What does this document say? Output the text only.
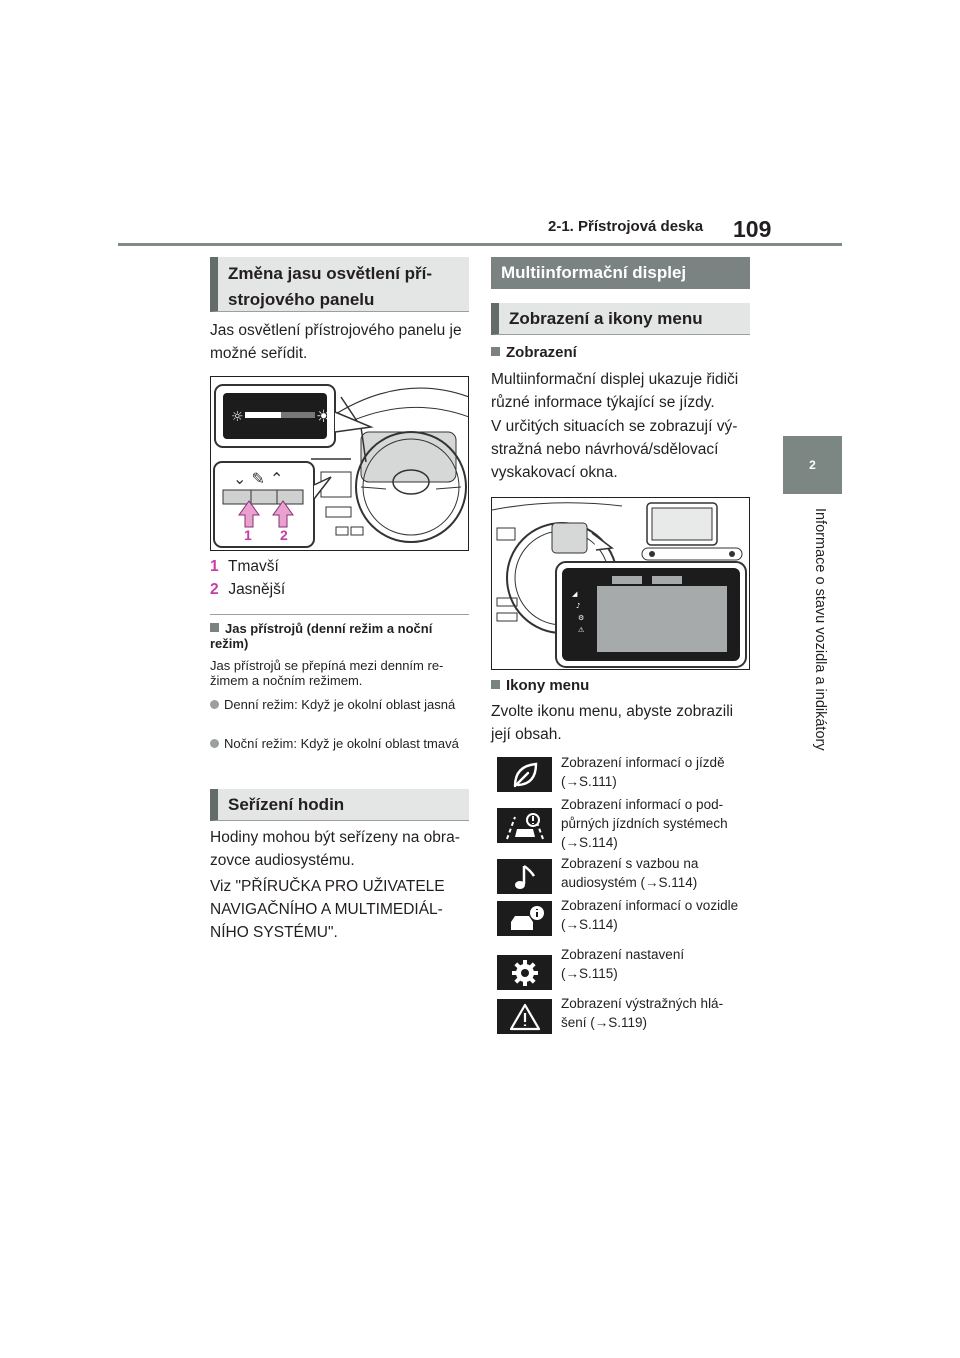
2-1. Přístrojová deska 109
2
Informace o stavu vozidla a indikátory
Změna jasu osvětlení pří-
strojového panelu
Jas osvětlení přístrojového panelu je možné seřídit.
☼	☀
⌄ ✎ ⌃
1 2
1 Tmavší
2 Jasnější
Jas přístrojů (denní režim a noční režim)
Jas přístrojů se přepíná mezi denním re-žimem a nočním režimem.
Denní režim: Když je okolní oblast jasná
Noční režim: Když je okolní oblast tmavá
Seřízení hodin
Hodiny mohou být seřízeny na obra-zovce audiosystému.
Viz "PŘÍRUČKA PRO UŽIVATELE NAVIGAČNÍHO A MULTIMEDIÁL-NÍHO SYSTÉMU".
Multiinformační displej
Zobrazení a ikony menu
Zobrazení
Multiinformační displej ukazuje řidiči různé informace týkající se jízdy.
V určitých situacích se zobrazují vý-stražná nebo návrhová/sdělovací vyskakovací okna.
◢
♪
⚙
⚠
Ikony menu
Zvolte ikonu menu, abyste zobrazili její obsah.
Zobrazení informací o jízdě
(→S.111)
Zobrazení informací o pod-
půrných jízdních systémech
(→S.114)
Zobrazení s vazbou na
audiosystém (→S.114)
Zobrazení informací o vozidle
(→S.114)
Zobrazení nastavení
(→S.115)
Zobrazení výstražných hlá-
šení (→S.119)
